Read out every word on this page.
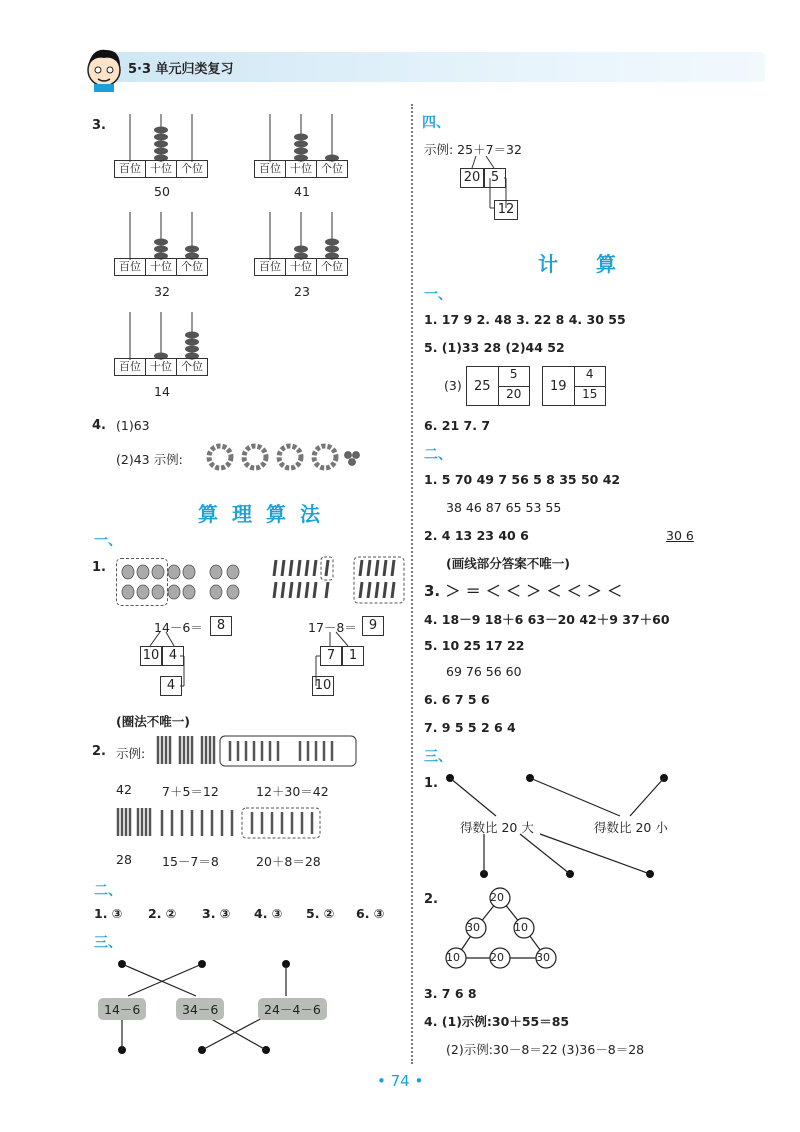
5·3 单元归类复习
3.
百位 十位 个位
50
百位 十位 个位
41
百位 十位 个位
32
百位 十位 个位
23
百位 十位 个位
14
4. (1)63
(2)43 示例:
算理算法
一、
1.
14－6＝	8
10 4
4
17－8＝ 9
7	1
10
(圈法不唯一)
2. 示例:
42 7＋5＝12	12＋30＝42
28 15－7＝8	20＋8＝28
二、
1. ③ 2. ② 3. ③ 4. ③ 5. ② 6. ③
三、
14－6	34－6	24－4－6
四、
示例: 25＋7＝32
20 5
12
计算
一、
1. 17 9 2. 48 3. 22 8 4. 30 55
5. (1)33 28 (2)44 52
(3) 25
5
20	19
4
15
6. 21 7. 7
二、
1. 5 70 49 7 56 5 8 35 50 42
38 46 87 65 53 55
2. 4 13 23 40 6	30 6
(画线部分答案不唯一)
3. ＞ ＝ ＜ ＜ ＞ ＜ ＜ ＞ ＜
4. 18－9 18＋6 63－20 42＋9 37＋60
5. 10 25 17 22
69 76 56 60
6. 6 7 5 6
7. 9 5 5 2 6 4
三、
1.
得数比 20 大	得数比 20 小
2.	20
30	10
10	20	30
3. 7 6 8
4. (1)示例:30＋55＝85
(2)示例:30－8＝22 (3)36－8＝28
• 74 •
